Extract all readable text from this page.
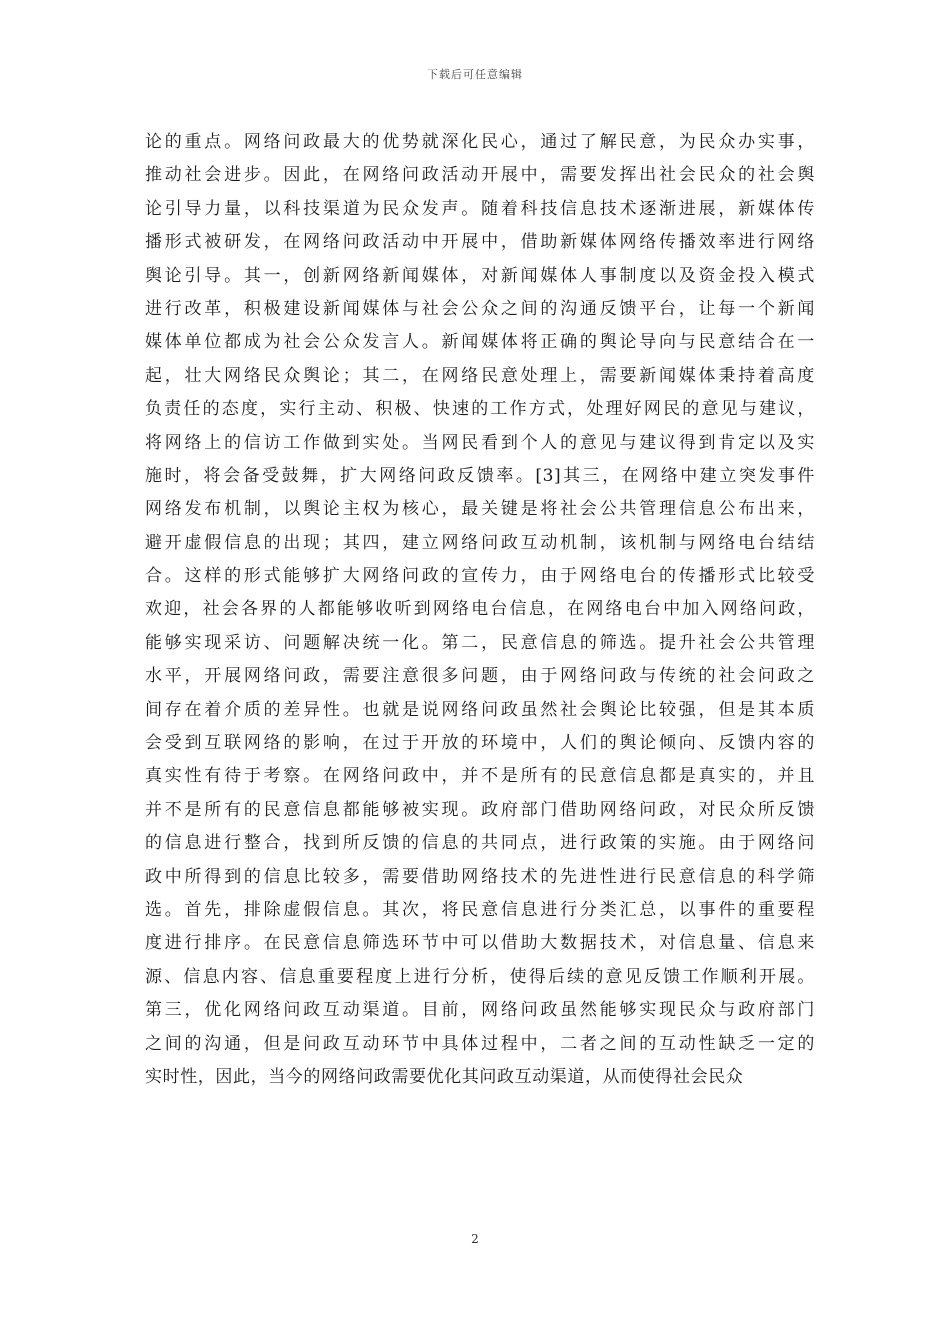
下载后可任意编辑
论的重点。网络问政最大的优势就深化民心，通过了解民意，为民众办实事，
推动社会进步。因此，在网络问政活动开展中，需要发挥出社会民众的社会舆
论引导力量，以科技渠道为民众发声。随着科技信息技术逐渐进展，新媒体传
播形式被研发，在网络问政活动中开展中，借助新媒体网络传播效率进行网络
舆论引导。其一，创新网络新闻媒体，对新闻媒体人事制度以及资金投入模式
进行改革，积极建设新闻媒体与社会公众之间的沟通反馈平台，让每一个新闻
媒体单位都成为社会公众发言人。新闻媒体将正确的舆论导向与民意结合在一
起，壮大网络民众舆论；其二，在网络民意处理上，需要新闻媒体秉持着高度
负责任的态度，实行主动、积极、快速的工作方式，处理好网民的意见与建议，
将网络上的信访工作做到实处。当网民看到个人的意见与建议得到肯定以及实
施时，将会备受鼓舞，扩大网络问政反馈率。[3]其三，在网络中建立突发事件
网络发布机制，以舆论主权为核心，最关键是将社会公共管理信息公布出来，
避开虚假信息的出现；其四，建立网络问政互动机制，该机制与网络电台结结
合。这样的形式能够扩大网络问政的宣传力，由于网络电台的传播形式比较受
欢迎，社会各界的人都能够收听到网络电台信息，在网络电台中加入网络问政，
能够实现采访、问题解决统一化。第二，民意信息的筛选。提升社会公共管理
水平，开展网络问政，需要注意很多问题，由于网络问政与传统的社会问政之
间存在着介质的差异性。也就是说网络问政虽然社会舆论比较强，但是其本质
会受到互联网络的影响，在过于开放的环境中，人们的舆论倾向、反馈内容的
真实性有待于考察。在网络问政中，并不是所有的民意信息都是真实的，并且
并不是所有的民意信息都能够被实现。政府部门借助网络问政，对民众所反馈
的信息进行整合，找到所反馈的信息的共同点，进行政策的实施。由于网络问
政中所得到的信息比较多，需要借助网络技术的先进性进行民意信息的科学筛
选。首先，排除虚假信息。其次，将民意信息进行分类汇总，以事件的重要程
度进行排序。在民意信息筛选环节中可以借助大数据技术，对信息量、信息来
源、信息内容、信息重要程度上进行分析，使得后续的意见反馈工作顺利开展。
第三，优化网络问政互动渠道。目前，网络问政虽然能够实现民众与政府部门
之间的沟通，但是问政互动环节中具体过程中，二者之间的互动性缺乏一定的
实时性，因此，当今的网络问政需要优化其问政互动渠道，从而使得社会民众
2
